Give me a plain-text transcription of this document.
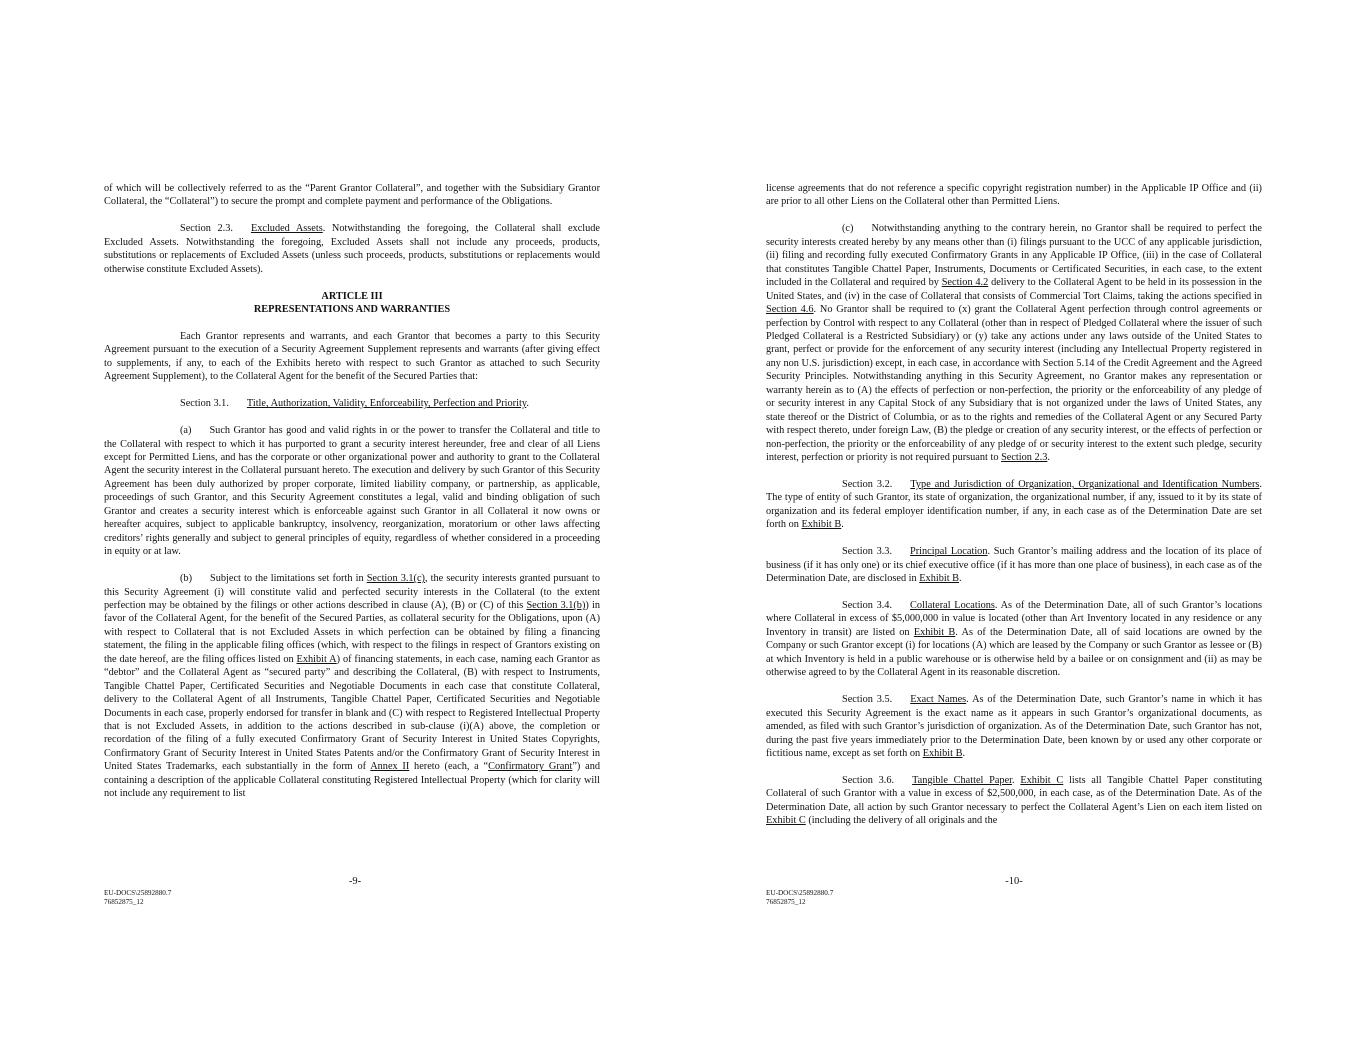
of which will be collectively referred to as the “Parent Grantor Collateral”, and together with the Subsidiary Grantor Collateral, the “Collateral”) to secure the prompt and complete payment and performance of the Obligations.

Section 2.3. Excluded Assets. Notwithstanding the foregoing, the Collateral shall exclude Excluded Assets. Notwithstanding the foregoing, Excluded Assets shall not include any proceeds, products, substitutions or replacements of Excluded Assets (unless such proceeds, products, substitutions or replacements would otherwise constitute Excluded Assets).

ARTICLE III
REPRESENTATIONS AND WARRANTIES

Each Grantor represents and warrants, and each Grantor that becomes a party to this Security Agreement pursuant to the execution of a Security Agreement Supplement represents and warrants (after giving effect to supplements, if any, to each of the Exhibits hereto with respect to such Grantor as attached to such Security Agreement Supplement), to the Collateral Agent for the benefit of the Secured Parties that:

Section 3.1. Title, Authorization, Validity, Enforceability, Perfection and Priority.

(a) Such Grantor has good and valid rights in or the power to transfer the Collateral and title to the Collateral with respect to which it has purported to grant a security interest hereunder, free and clear of all Liens except for Permitted Liens, and has the corporate or other organizational power and authority to grant to the Collateral Agent the security interest in the Collateral pursuant hereto. The execution and delivery by such Grantor of this Security Agreement has been duly authorized by proper corporate, limited liability company, or partnership, as applicable, proceedings of such Grantor, and this Security Agreement constitutes a legal, valid and binding obligation of such Grantor and creates a security interest which is enforceable against such Grantor in all Collateral it now owns or hereafter acquires, subject to applicable bankruptcy, insolvency, reorganization, moratorium or other laws affecting creditors’ rights generally and subject to general principles of equity, regardless of whether considered in a proceeding in equity or at law.

(b) Subject to the limitations set forth in Section 3.1(c), the security interests granted pursuant to this Security Agreement (i) will constitute valid and perfected security interests in the Collateral (to the extent perfection may be obtained by the filings or other actions described in clause (A), (B) or (C) of this Section 3.1(b)) in favor of the Collateral Agent, for the benefit of the Secured Parties, as collateral security for the Obligations, upon (A) with respect to Collateral that is not Excluded Assets in which perfection can be obtained by filing a financing statement, the filing in the applicable filing offices (which, with respect to the filings in respect of Grantors existing on the date hereof, are the filing offices listed on Exhibit A) of financing statements, in each case, naming each Grantor as “debtor” and the Collateral Agent as “secured party” and describing the Collateral, (B) with respect to Instruments, Tangible Chattel Paper, Certificated Securities and Negotiable Documents in each case that constitute Collateral, delivery to the Collateral Agent of all Instruments, Tangible Chattel Paper, Certificated Securities and Negotiable Documents in each case, properly endorsed for transfer in blank and (C) with respect to Registered Intellectual Property that is not Excluded Assets, in addition to the actions described in sub-clause (i)(A) above, the completion or recordation of the filing of a fully executed Confirmatory Grant of Security Interest in United States Copyrights, Confirmatory Grant of Security Interest in United States Patents and/or the Confirmatory Grant of Security Interest in United States Trademarks, each substantially in the form of Annex II hereto (each, a “Confirmatory Grant”) and containing a description of the applicable Collateral constituting Registered Intellectual Property (which for clarity will not include any requirement to list

-9-
EU-DOCS\25892880.7
76852875_12

license agreements that do not reference a specific copyright registration number) in the Applicable IP Office and (ii) are prior to all other Liens on the Collateral other than Permitted Liens.

(c) Notwithstanding anything to the contrary herein, no Grantor shall be required to perfect the security interests created hereby by any means other than (i) filings pursuant to the UCC of any applicable jurisdiction, (ii) filing and recording fully executed Confirmatory Grants in any Applicable IP Office, (iii) in the case of Collateral that constitutes Tangible Chattel Paper, Instruments, Documents or Certificated Securities, in each case, to the extent included in the Collateral and required by Section 4.2 delivery to the Collateral Agent to be held in its possession in the United States, and (iv) in the case of Collateral that consists of Commercial Tort Claims, taking the actions specified in Section 4.6. No Grantor shall be required to (x) grant the Collateral Agent perfection through control agreements or perfection by Control with respect to any Collateral (other than in respect of Pledged Collateral where the issuer of such Pledged Collateral is a Restricted Subsidiary) or (y) take any actions under any laws outside of the United States to grant, perfect or provide for the enforcement of any security interest (including any Intellectual Property registered in any non U.S. jurisdiction) except, in each case, in accordance with Section 5.14 of the Credit Agreement and the Agreed Security Principles. Notwithstanding anything in this Security Agreement, no Grantor makes any representation or warranty herein as to (A) the effects of perfection or non-perfection, the priority or the enforceability of any pledge of or security interest in any Capital Stock of any Subsidiary that is not organized under the laws of United States, any state thereof or the District of Columbia, or as to the rights and remedies of the Collateral Agent or any Secured Party with respect thereto, under foreign Law, (B) the pledge or creation of any security interest, or the effects of perfection or non-perfection, the priority or the enforceability of any pledge of or security interest to the extent such pledge, security interest, perfection or priority is not required pursuant to Section 2.3.

Section 3.2. Type and Jurisdiction of Organization, Organizational and Identification Numbers. The type of entity of such Grantor, its state of organization, the organizational number, if any, issued to it by its state of organization and its federal employer identification number, if any, in each case as of the Determination Date are set forth on Exhibit B.

Section 3.3. Principal Location. Such Grantor’s mailing address and the location of its place of business (if it has only one) or its chief executive office (if it has more than one place of business), in each case as of the Determination Date, are disclosed in Exhibit B.

Section 3.4. Collateral Locations. As of the Determination Date, all of such Grantor’s locations where Collateral in excess of $5,000,000 in value is located (other than Art Inventory located in any residence or any Inventory in transit) are listed on Exhibit B. As of the Determination Date, all of said locations are owned by the Company or such Grantor except (i) for locations (A) which are leased by the Company or such Grantor as lessee or (B) at which Inventory is held in a public warehouse or is otherwise held by a bailee or on consignment and (ii) as may be otherwise agreed to by the Collateral Agent in its reasonable discretion.

Section 3.5. Exact Names. As of the Determination Date, such Grantor’s name in which it has executed this Security Agreement is the exact name as it appears in such Grantor’s organizational documents, as amended, as filed with such Grantor’s jurisdiction of organization. As of the Determination Date, such Grantor has not, during the past five years immediately prior to the Determination Date, been known by or used any other corporate or fictitious name, except as set forth on Exhibit B.

Section 3.6. Tangible Chattel Paper. Exhibit C lists all Tangible Chattel Paper constituting Collateral of such Grantor with a value in excess of $2,500,000, in each case, as of the Determination Date. As of the Determination Date, all action by such Grantor necessary to perfect the Collateral Agent’s Lien on each item listed on Exhibit C (including the delivery of all originals and the

-10-
EU-DOCS\25892880.7
76852875_12
